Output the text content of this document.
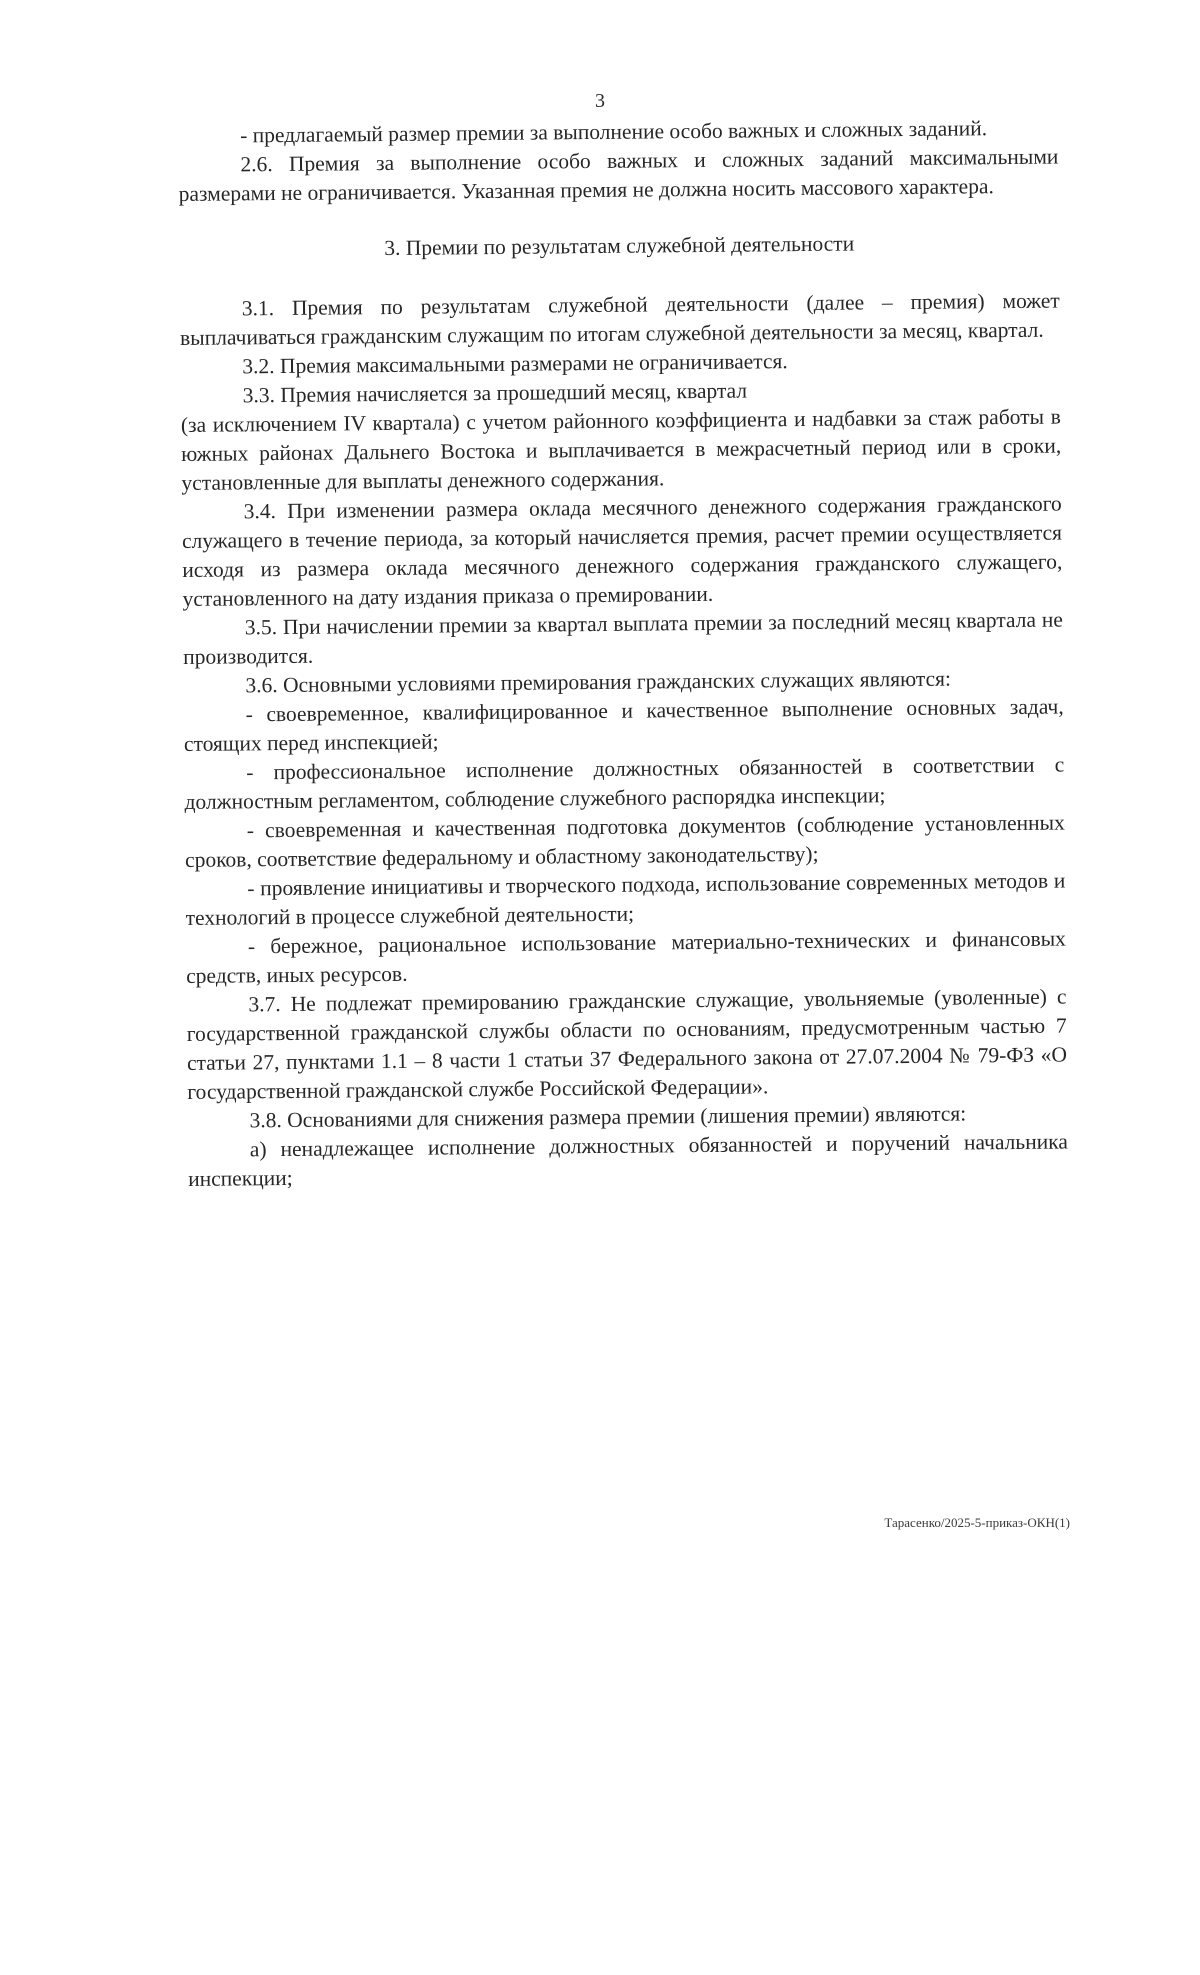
3

- предлагаемый размер премии за выполнение особо важных и сложных заданий.

2.6. Премия за выполнение особо важных и сложных заданий максимальными размерами не ограничивается. Указанная премия не должна носить массового характера.

3. Премии по результатам служебной деятельности

3.1. Премия по результатам служебной деятельности (далее – премия) может выплачиваться гражданским служащим по итогам служебной деятельности за месяц, квартал.

3.2. Премия максимальными размерами не ограничивается.

3.3. Премия начисляется за прошедший месяц, квартал

(за исключением IV квартала) с учетом районного коэффициента и надбавки за стаж работы в южных районах Дальнего Востока и выплачивается в межрасчетный период или в сроки, установленные для выплаты денежного содержания.

3.4. При изменении размера оклада месячного денежного содержания гражданского служащего в течение периода, за который начисляется премия, расчет премии осуществляется исходя из размера оклада месячного денежного содержания гражданского служащего, установленного на дату издания приказа о премировании.

3.5. При начислении премии за квартал выплата премии за последний месяц квартала не производится.

3.6. Основными условиями премирования гражданских служащих являются:

- своевременное, квалифицированное и качественное выполнение основных задач, стоящих перед инспекцией;

- профессиональное исполнение должностных обязанностей в соответствии с должностным регламентом, соблюдение служебного распорядка инспекции;

- своевременная и качественная подготовка документов (соблюдение установленных сроков, соответствие федеральному и областному законодательству);

- проявление инициативы и творческого подхода, использование современных методов и технологий в процессе служебной деятельности;

- бережное, рациональное использование материально-технических и финансовых средств, иных ресурсов.

3.7. Не подлежат премированию гражданские служащие, увольняемые (уволенные) с государственной гражданской службы области по основаниям, предусмотренным частью 7 статьи 27, пунктами 1.1 – 8 части 1 статьи 37 Федерального закона от 27.07.2004 № 79-ФЗ «О государственной гражданской службе Российской Федерации».

3.8. Основаниями для снижения размера премии (лишения премии) являются:

а) ненадлежащее исполнение должностных обязанностей и поручений начальника инспекции;

Тарасенко/2025-5-приказ-ОКН(1)
